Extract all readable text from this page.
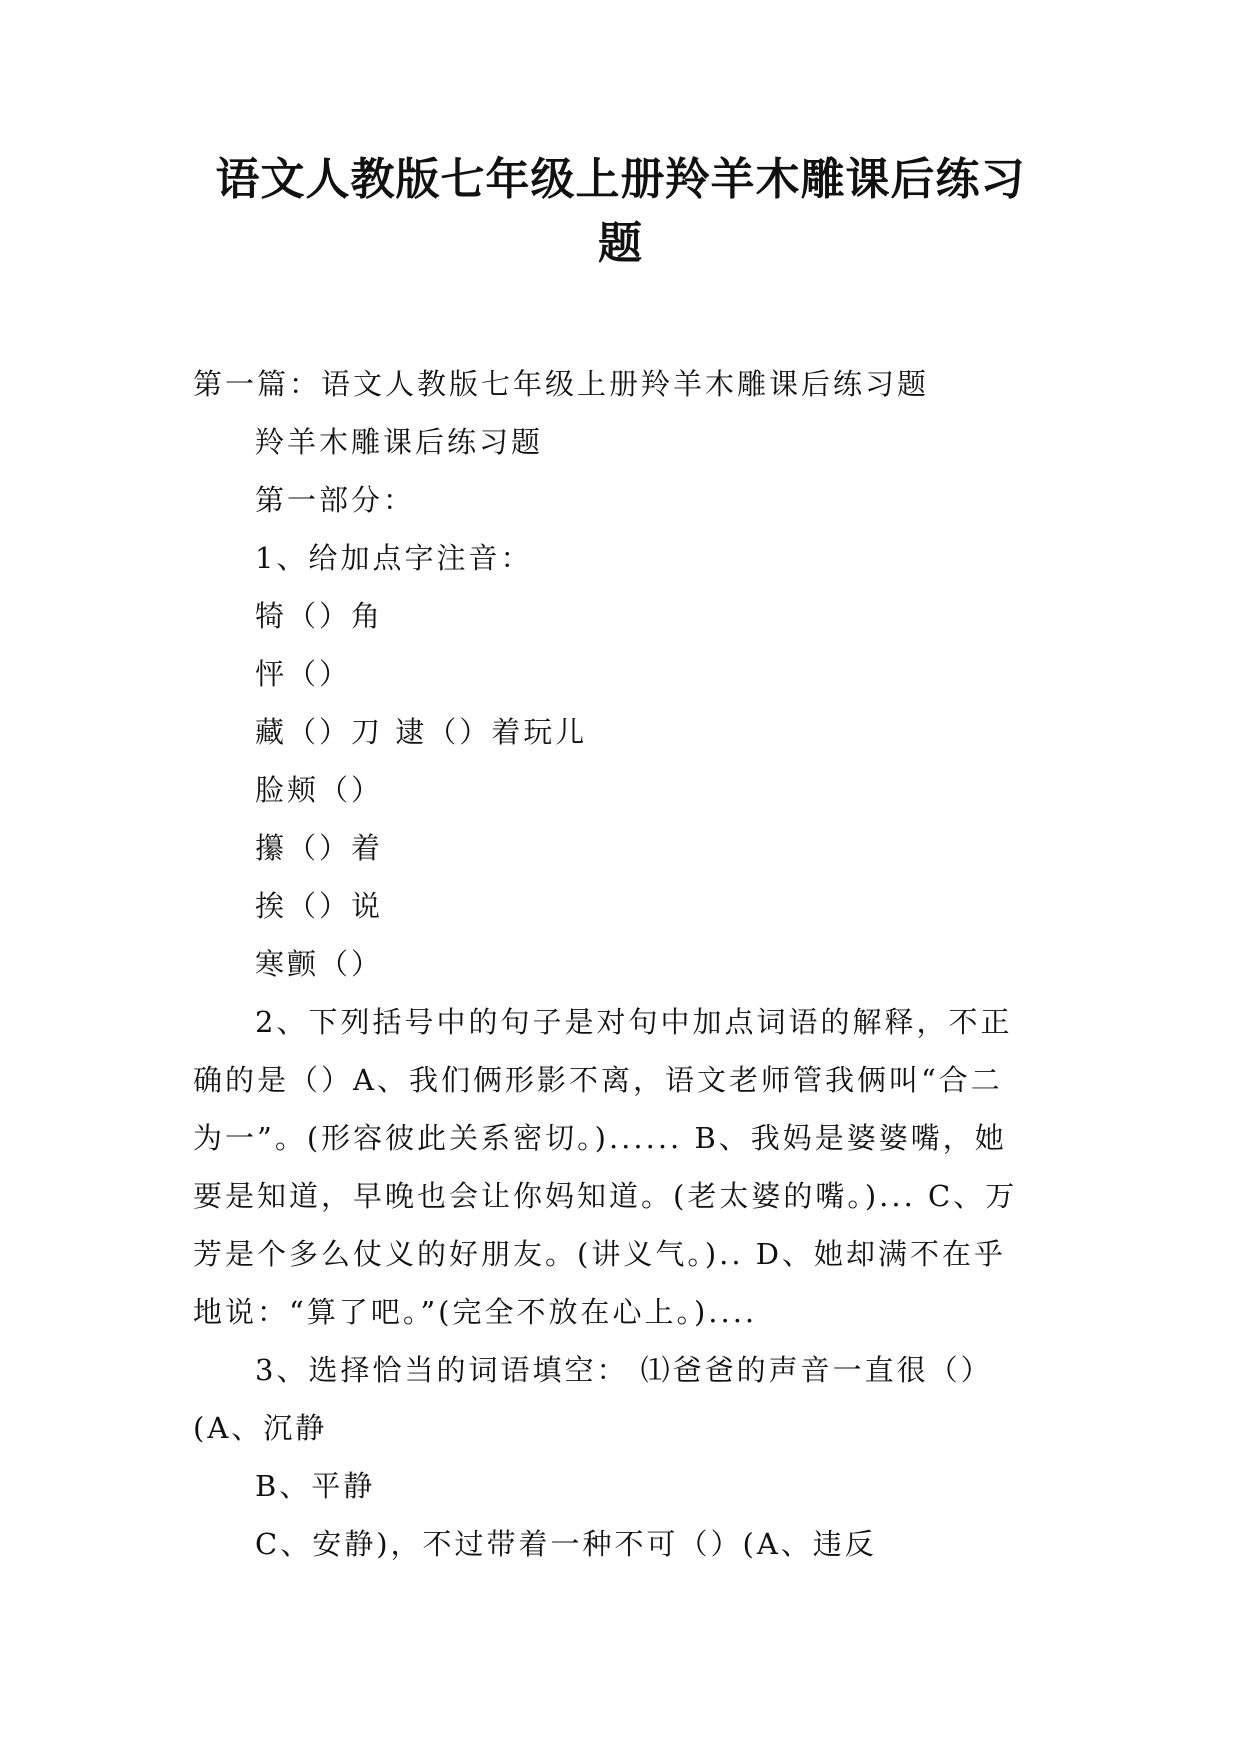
语文人教版七年级上册羚羊木雕课后练习
题
第一篇：语文人教版七年级上册羚羊木雕课后练习题
羚羊木雕课后练习题
第一部分：
1、给加点字注音：
犄（）角
怦（）
藏（）刀 逮（）着玩儿
脸颊（）
攥（）着
挨（）说
寒颤（）
2、下列括号中的句子是对句中加点词语的解释，不正
确的是（）A、我们俩形影不离，语文老师管我俩叫“合二
为一”。(形容彼此关系密切。)...... B、我妈是婆婆嘴，她
要是知道，早晚也会让你妈知道。(老太婆的嘴。)... C、万
芳是个多么仗义的好朋友。(讲义气。).. D、她却满不在乎
地说：“算了吧。”(完全不放在心上。)....
3、选择恰当的词语填空： ⑴爸爸的声音一直很（）
(A、沉静
B、平静
C、安静)，不过带着一种不可（）(A、违反
